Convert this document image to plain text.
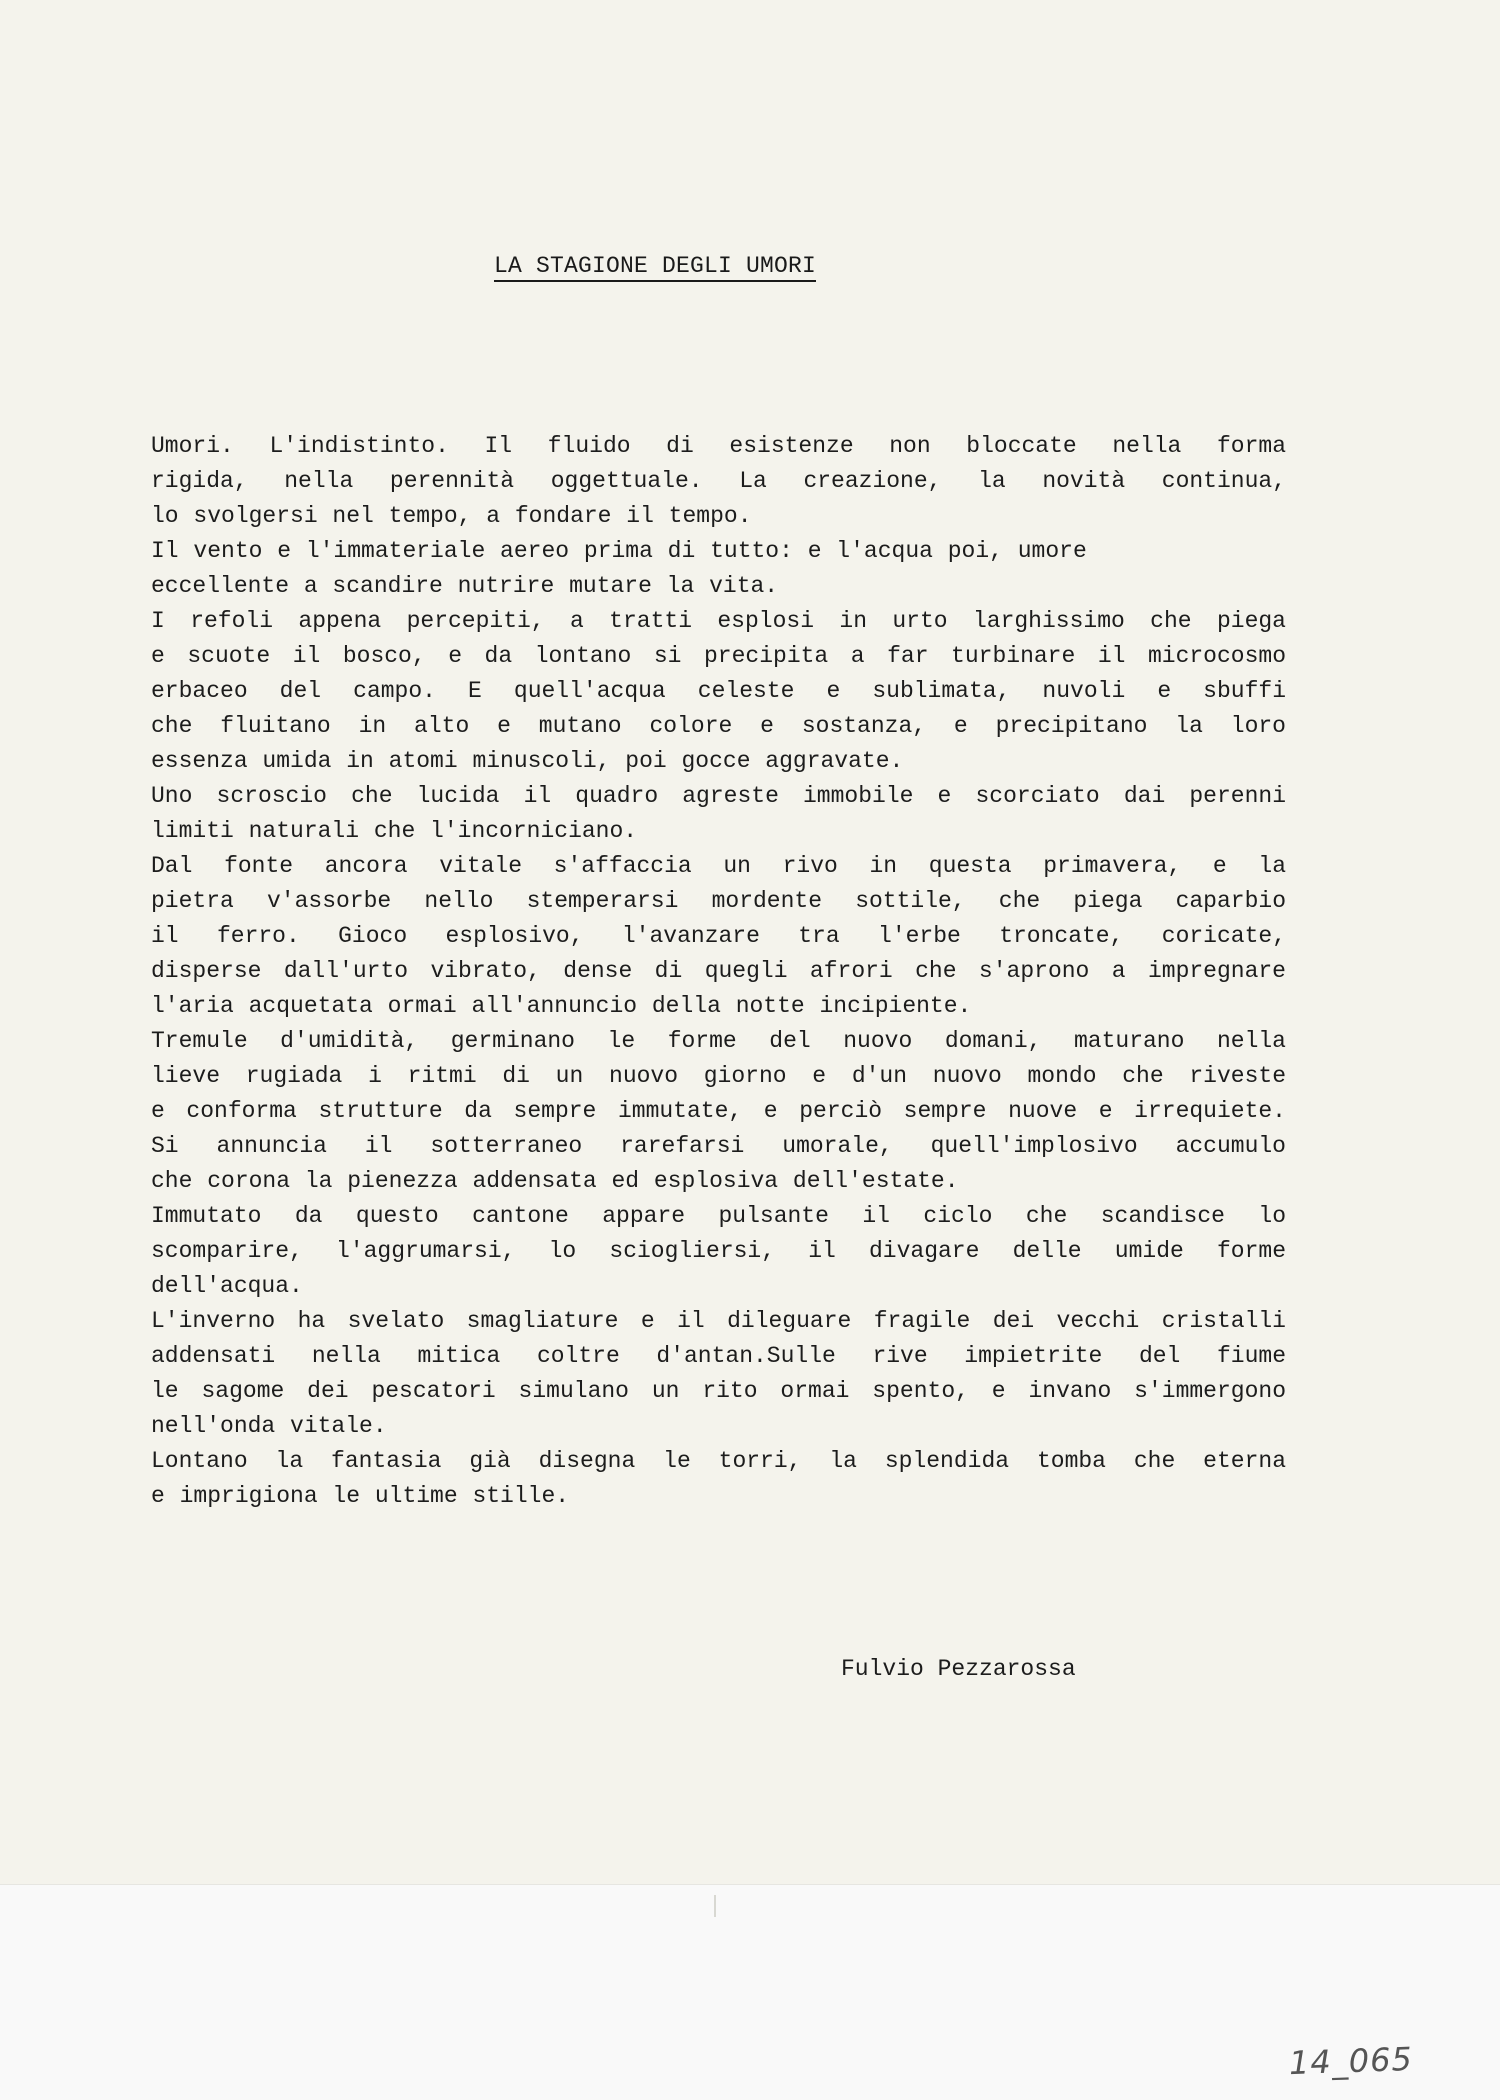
LA STAGIONE DEGLI UMORI
Umori. L'indistinto. Il fluido di esistenze non bloccate nella forma
rigida, nella perennità oggettuale. La creazione, la novità continua,
lo svolgersi nel tempo, a fondare il tempo.
Il vento e l'immateriale aereo prima di tutto: e l'acqua poi, umore
eccellente a scandire nutrire mutare la vita.
I refoli appena percepiti, a tratti esplosi in urto larghissimo che piega
e scuote il bosco, e da lontano si precipita a far turbinare il microcosmo
erbaceo del campo. E quell'acqua celeste e sublimata, nuvoli e sbuffi
che fluitano in alto e mutano colore e sostanza, e precipitano la loro
essenza umida in atomi minuscoli, poi gocce aggravate.
Uno scroscio che lucida il quadro agreste immobile e scorciato dai perenni
limiti naturali che l'incorniciano.
Dal fonte ancora vitale s'affaccia un rivo in questa primavera, e la
pietra v'assorbe nello stemperarsi mordente sottile, che piega caparbio
il ferro. Gioco esplosivo, l'avanzare tra l'erbe troncate, coricate,
disperse dall'urto vibrato, dense di quegli afrori che s'aprono a impregnare
l'aria acquetata ormai all'annuncio della notte incipiente.
Tremule d'umidità, germinano le forme del nuovo domani, maturano nella
lieve rugiada i ritmi di un nuovo giorno e d'un nuovo mondo che riveste
e conforma strutture da sempre immutate, e perciò sempre nuove e irrequiete.
Si annuncia il sotterraneo rarefarsi umorale, quell'implosivo accumulo
che corona la pienezza addensata ed esplosiva dell'estate.
Immutato da questo cantone appare pulsante il ciclo che scandisce lo
scomparire, l'aggrumarsi, lo sciogliersi, il divagare delle umide forme
dell'acqua.
L'inverno ha svelato smagliature e il dileguare fragile dei vecchi cristalli
addensati nella mitica coltre d'antan.Sulle rive impietrite del fiume
le sagome dei pescatori simulano un rito ormai spento, e invano s'immergono
nell'onda vitale.
Lontano la fantasia già disegna le torri, la splendida tomba che eterna
e imprigiona le ultime stille.
Fulvio Pezzarossa
14_065
